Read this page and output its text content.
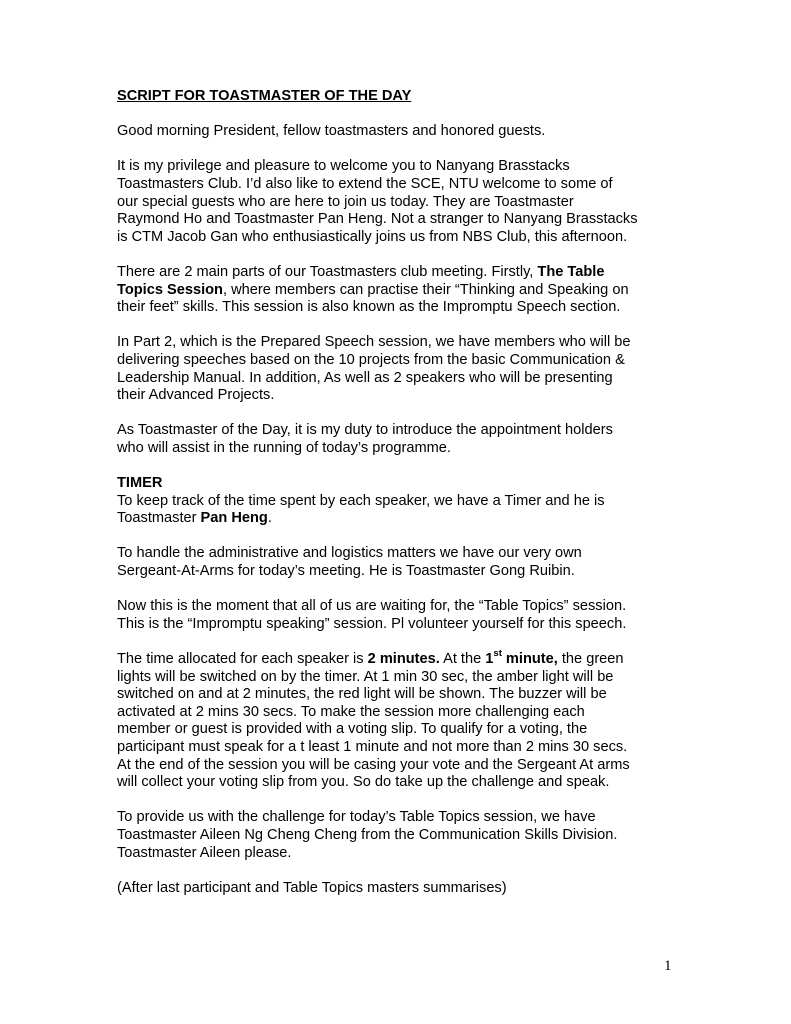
SCRIPT FOR TOASTMASTER OF THE DAY
Good morning President, fellow toastmasters and honored guests.
It is my privilege and pleasure to welcome you to Nanyang Brasstacks
Toastmasters Club. I’d also like to extend the SCE, NTU welcome to some of
our special guests who are here to join us today. They are Toastmaster
Raymond Ho and Toastmaster Pan Heng. Not a stranger to Nanyang Brasstacks
is CTM Jacob Gan who enthusiastically joins us from NBS Club, this afternoon.
There are 2 main parts of our Toastmasters club meeting. Firstly, The Table
Topics Session, where members can practise their “Thinking and Speaking on
their feet” skills. This session is also known as the Impromptu Speech section.
In Part 2, which is the Prepared Speech session, we have members who will be
delivering speeches based on the 10 projects from the basic Communication &
Leadership Manual. In addition, As well as 2 speakers who will be presenting
their Advanced Projects.
As Toastmaster of the Day, it is my duty to introduce the appointment holders
who will assist in the running of today’s programme.
TIMER
To keep track of the time spent by each speaker, we have a Timer and he is
Toastmaster Pan Heng.
To handle the administrative and logistics matters we have our very own
Sergeant-At-Arms for today’s meeting. He is Toastmaster Gong Ruibin.
Now this is the moment that all of us are waiting for, the “Table Topics” session.
This is the “Impromptu speaking” session. Pl volunteer yourself for this speech.
The time allocated for each speaker is 2 minutes. At the 1st minute, the green
lights will be switched on by the timer. At 1 min 30 sec, the amber light will be
switched on and at 2 minutes, the red light will be shown. The buzzer will be
activated at 2 mins 30 secs. To make the session more challenging each
member or guest is provided with a voting slip. To qualify for a voting, the
participant must speak for a t least 1 minute and not more than 2 mins 30 secs.
At the end of the session you will be casing your vote and the Sergeant At arms
will collect your voting slip from you. So do take up the challenge and speak.
To provide us with the challenge for today’s Table Topics session, we have
Toastmaster Aileen Ng Cheng Cheng from the Communication Skills Division.
Toastmaster Aileen please.
(After last participant and Table Topics masters summarises)
1
